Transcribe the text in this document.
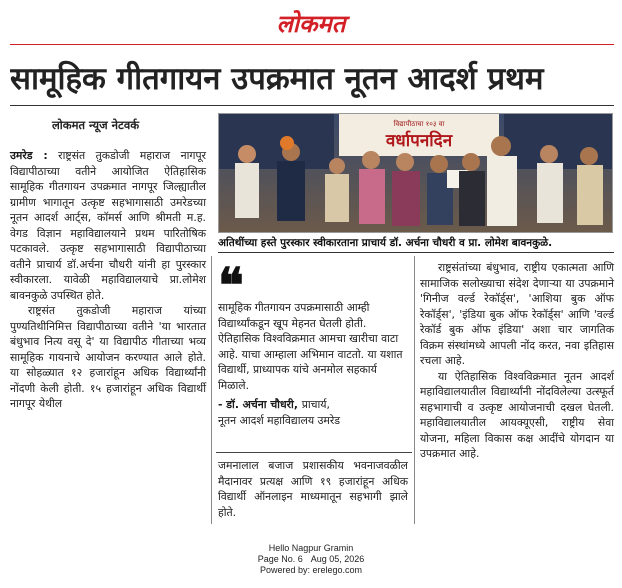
लोकमत
सामूहिक गीतगायन उपक्रमात नूतन आदर्श प्रथम
लोकमत न्यूज नेटवर्क	विद्यापीठाचा १०३ वा
वर्धापनदिन
अतिथींच्या हस्ते पुरस्कार स्वीकारताना प्राचार्य डॉ. अर्चना चौधरी व प्रा. लोमेश बावनकुळे.

उमरेड : राष्ट्रसंत तुकडोजी महाराज नागपूर विद्यापीठाच्या वतीने आयोजित ऐतिहासिक सामूहिक गीतगायन उपक्रमात नागपूर जिल्ह्यातील ग्रामीण भागातून उत्कृष्ट सहभागासाठी उमरेडच्या नूतन आदर्श आर्ट्स, कॉमर्स आणि श्रीमती म.ह. वेगड विज्ञान महाविद्यालयाने प्रथम पारितोषिक पटकावले. उत्कृष्ट सहभागासाठी विद्यापीठाच्या वतीने प्राचार्य डॉ.अर्चना चौधरी यांनी हा पुरस्कार स्वीकारला. यावेळी महाविद्यालयाचे प्रा.लोमेश बावनकुळे उपस्थित होते.

राष्ट्रसंत तुकडोजी महाराज यांच्या पुण्यतिथीनिमित्त विद्यापीठाच्या वतीने 'या भारतात बंधुभाव नित्य वसू दे' या विद्यापीठ गीताच्या भव्य सामूहिक गायनाचे आयोजन करण्यात आले होते. या सोहळ्यात १२ हजारांहून अधिक विद्यार्थ्यांनी नोंदणी केली होती. १५ हजारांहून अधिक विद्यार्थी नागपूर येथील

❝
सामूहिक गीतगायन उपक्रमासाठी आम्ही विद्यार्थ्यांकडून खूप मेहनत घेतली होती. ऐतिहासिक विश्वविक्रमात आमचा खारीचा वाटा आहे. याचा आम्हाला अभिमान वाटतो. या यशात विद्यार्थी, प्राध्यापक यांचे अनमोल सहकार्य मिळाले.
- डॉ. अर्चना चौधरी, प्राचार्य,
नूतन आदर्श महाविद्यालय उमरेड

जमनालाल बजाज प्रशासकीय भवनाजवळील मैदानावर प्रत्यक्ष आणि १९ हजारांहून अधिक विद्यार्थी ऑनलाइन माध्यमातून सहभागी झाले होते.

राष्ट्रसंतांच्या बंधुभाव, राष्ट्रीय एकात्मता आणि सामाजिक सलोख्याचा संदेश देणाऱ्या या उपक्रमाने 'गिनीज वर्ल्ड रेकॉर्ड्स', 'आशिया बुक ऑफ रेकॉर्ड्स', 'इंडिया बुक ऑफ रेकॉर्ड्स' आणि 'वर्ल्ड रेकॉर्ड बुक ऑफ इंडिया' अशा चार जागतिक विक्रम संस्थांमध्ये आपली नोंद करत, नवा इतिहास रचला आहे.

या ऐतिहासिक विश्वविक्रमात नूतन आदर्श महाविद्यालयातील विद्यार्थ्यांनी नोंदविलेल्या उत्स्फूर्त सहभागाची व उत्कृष्ट आयोजनाची दखल घेतली. महाविद्यालयातील आयक्यूएसी, राष्ट्रीय सेवा योजना, महिला विकास कक्ष आदींचे योगदान या उपक्रमात आहे.

Hello Nagpur Gramin
Page No. 6 Aug 05, 2026
Powered by: erelego.com
